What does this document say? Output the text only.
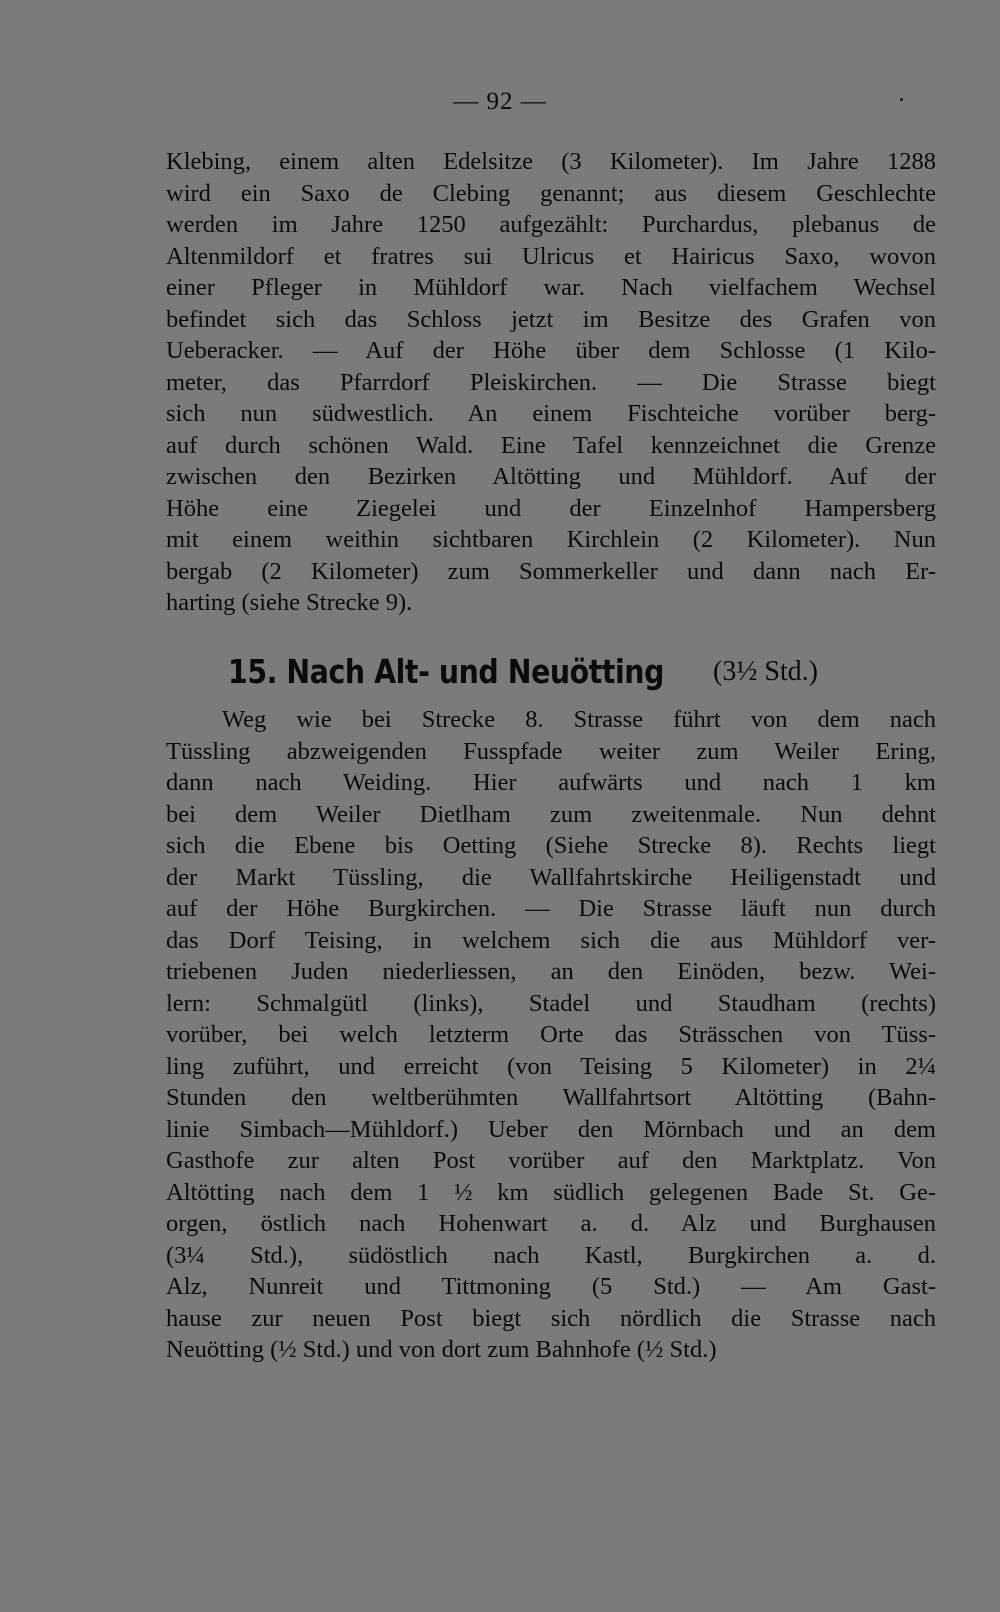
— 92 —
Klebing, einem alten Edelsitze (3 Kilometer). Im Jahre 1288
wird ein Saxo de Clebing genannt; aus diesem Geschlechte
werden im Jahre 1250 aufgezählt: Purchardus, plebanus de
Altenmildorf et fratres sui Ulricus et Hairicus Saxo, wovon
einer Pfleger in Mühldorf war. Nach vielfachem Wechsel
befindet sich das Schloss jetzt im Besitze des Grafen von
Ueberacker. — Auf der Höhe über dem Schlosse (1 Kilo-
meter, das Pfarrdorf Pleiskirchen. — Die Strasse biegt
sich nun südwestlich. An einem Fischteiche vorüber berg-
auf durch schönen Wald. Eine Tafel kennzeichnet die Grenze
zwischen den Bezirken Altötting und Mühldorf. Auf der
Höhe eine Ziegelei und der Einzelnhof Hampersberg
mit einem weithin sichtbaren Kirchlein (2 Kilometer). Nun
bergab (2 Kilometer) zum Sommerkeller und dann nach Er-
harting (siehe Strecke 9).
15. Nach Alt- und Neuötting (3½ Std.)
Weg wie bei Strecke 8. Strasse führt von dem nach
Tüssling abzweigenden Fusspfade weiter zum Weiler Ering,
dann nach Weiding. Hier aufwärts und nach 1 km
bei dem Weiler Dietlham zum zweitenmale. Nun dehnt
sich die Ebene bis Oetting (Siehe Strecke 8). Rechts liegt
der Markt Tüssling, die Wallfahrtskirche Heiligenstadt und
auf der Höhe Burgkirchen. — Die Strasse läuft nun durch
das Dorf Teising, in welchem sich die aus Mühldorf ver-
triebenen Juden niederliessen, an den Einöden, bezw. Wei-
lern: Schmalgütl (links), Stadel und Staudham (rechts)
vorüber, bei welch letzterm Orte das Strässchen von Tüss-
ling zuführt, und erreicht (von Teising 5 Kilometer) in 2¼
Stunden den weltberühmten Wallfahrtsort Altötting (Bahn-
linie Simbach—Mühldorf.) Ueber den Mörnbach und an dem
Gasthofe zur alten Post vorüber auf den Marktplatz. Von
Altötting nach dem 1 ½ km südlich gelegenen Bade St. Ge-
orgen, östlich nach Hohenwart a. d. Alz und Burghausen
(3¼ Std.), südöstlich nach Kastl, Burgkirchen a. d.
Alz, Nunreit und Tittmoning (5 Std.) — Am Gast-
hause zur neuen Post biegt sich nördlich die Strasse nach
Neuötting (½ Std.) und von dort zum Bahnhofe (½ Std.)
